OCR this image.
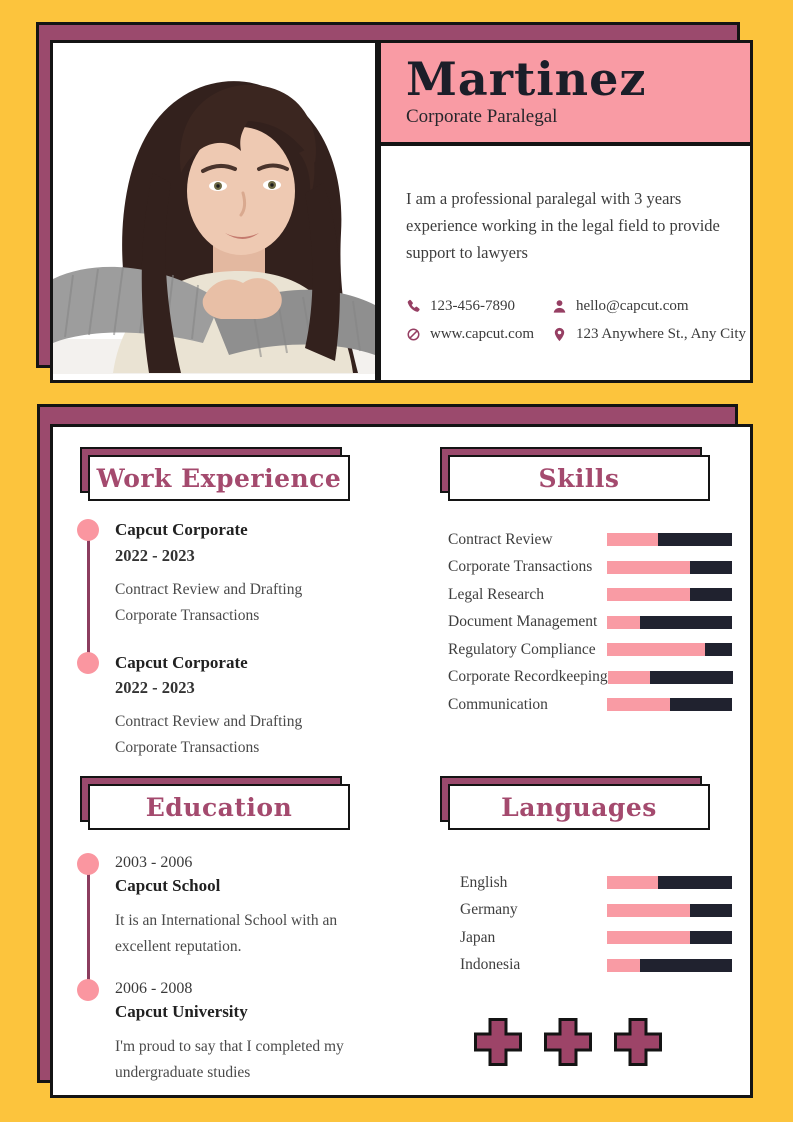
Martinez
Corporate Paralegal
I am a professional paralegal with 3 years experience working in the legal field to provide support to lawyers
123-456-7890	hello@capcut.com
www.capcut.com	123 Anywhere St., Any City
Work Experience
Capcut Corporate
2022 - 2023
Contract Review and Drafting Corporate Transactions
Capcut Corporate
2022 - 2023
Contract Review and Drafting Corporate Transactions
Skills
Contract Review
Corporate Transactions
Legal Research
Document Management
Regulatory Compliance
Corporate Recordkeeping
Communication
Education
2003 - 2006
Capcut School
It is an International School with an excellent reputation.
2006 - 2008
Capcut University
I'm proud to say that I completed my undergraduate studies
Languages
English
Germany
Japan
Indonesia
